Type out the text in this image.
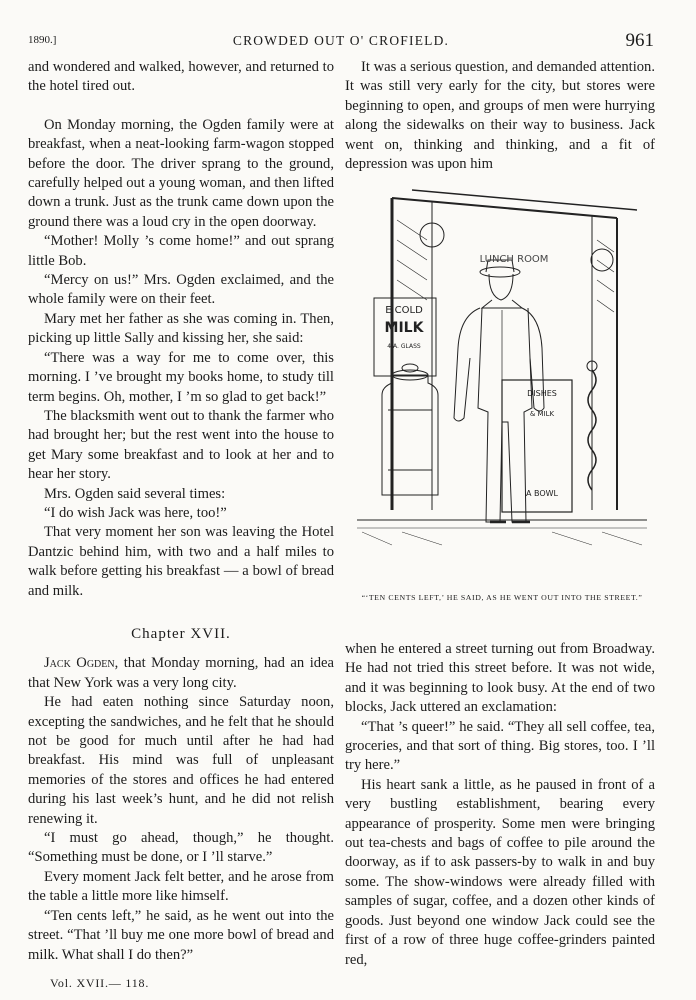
1890.]	CROWDED OUT O' CROFIELD.	961

and wondered and walked, however, and returned to the hotel tired out.

On Monday morning, the Ogden family were at breakfast, when a neat-looking farm-wagon stopped before the door. The driver sprang to the ground, carefully helped out a young woman, and then lifted down a trunk. Just as the trunk came down upon the ground there was a loud cry in the open doorway.

“Mother! Molly ’s come home!” and out sprang little Bob.

“Mercy on us!” Mrs. Ogden exclaimed, and the whole family were on their feet.

Mary met her father as she was coming in. Then, picking up little Sally and kissing her, she said:

“There was a way for me to come over, this morning. I ’ve brought my books home, to study till term begins. Oh, mother, I ’m so glad to get back!”

The blacksmith went out to thank the farmer who had brought her; but the rest went into the house to get Mary some breakfast and to look at her and to hear her story.

Mrs. Ogden said several times:

“I do wish Jack was here, too!”

That very moment her son was leaving the Hotel Dantzic behind him, with two and a half miles to walk before getting his breakfast — a bowl of bread and milk.

Chapter XVII.

Jack Ogden, that Monday morning, had an idea that New York was a very long city.

He had eaten nothing since Saturday noon, excepting the sandwiches, and he felt that he should not be good for much until after he had had breakfast. His mind was full of unpleasant memories of the stores and offices he had entered during his last week’s hunt, and he did not relish renewing it.

“I must go ahead, though,” he thought. “Something must be done, or I ’ll starve.”

Every moment Jack felt better, and he arose from the table a little more like himself.

“Ten cents left,” he said, as he went out into the street. “That ’ll buy me one more bowl of bread and milk. What shall I do then?”

It was a serious question, and demanded attention. It was still very early for the city, but stores were beginning to open, and groups of men were hurrying along the sidewalks on their way to business. Jack went on, thinking and thinking, and a fit of depression was upon him

MILK
E COLD
4 A. GLASS
LUNCH ROOM
DISHES
& MILK
A BOWL
“‘TEN CENTS LEFT,’ HE SAID, AS HE WENT OUT INTO THE STREET.”

when he entered a street turning out from Broadway. He had not tried this street before. It was not wide, and it was beginning to look busy. At the end of two blocks, Jack uttered an exclamation:

“That ’s queer!” he said. “They all sell coffee, tea, groceries, and that sort of thing. Big stores, too. I ’ll try here.”

His heart sank a little, as he paused in front of a very bustling establishment, bearing every appearance of prosperity. Some men were bringing out tea-chests and bags of coffee to pile around the doorway, as if to ask passers-by to walk in and buy some. The show-windows were already filled with samples of sugar, coffee, and a dozen other kinds of goods. Just beyond one window Jack could see the first of a row of three huge coffee-grinders painted red,

Vol. XVII.— 118.
